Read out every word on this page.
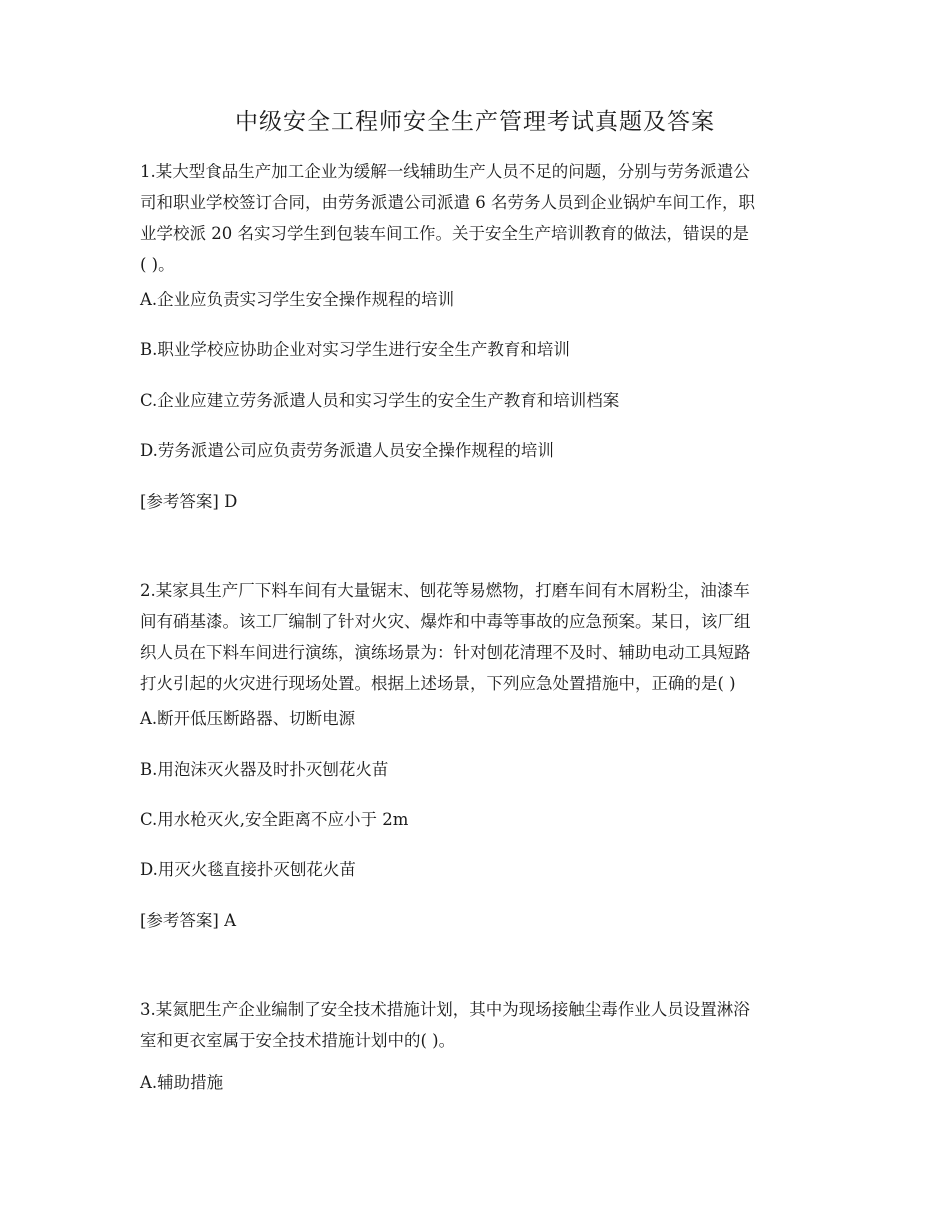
中级安全工程师安全生产管理考试真题及答案
1.某大型食品生产加工企业为缓解一线辅助生产人员不足的问题，分别与劳务派遣公
司和职业学校签订合同，由劳务派遣公司派遣 6 名劳务人员到企业锅炉车间工作，职
业学校派 20 名实习学生到包装车间工作。关于安全生产培训教育的做法，错误的是
( )。
A.企业应负责实习学生安全操作规程的培训
B.职业学校应协助企业对实习学生进行安全生产教育和培训
C.企业应建立劳务派遣人员和实习学生的安全生产教育和培训档案
D.劳务派遣公司应负责劳务派遣人员安全操作规程的培训
[参考答案] D
2.某家具生产厂下料车间有大量锯末、刨花等易燃物，打磨车间有木屑粉尘，油漆车
间有硝基漆。该工厂编制了针对火灾、爆炸和中毒等事故的应急预案。某日，该厂组
织人员在下料车间进行演练，演练场景为：针对刨花清理不及时、辅助电动工具短路
打火引起的火灾进行现场处置。根据上述场景，下列应急处置措施中，正确的是( )
A.断开低压断路器、切断电源
B.用泡沫灭火器及时扑灭刨花火苗
C.用水枪灭火,安全距离不应小于 2m
D.用灭火毯直接扑灭刨花火苗
[参考答案] A
3.某氮肥生产企业编制了安全技术措施计划，其中为现场接触尘毒作业人员设置淋浴
室和更衣室属于安全技术措施计划中的( )。
A.辅助措施
